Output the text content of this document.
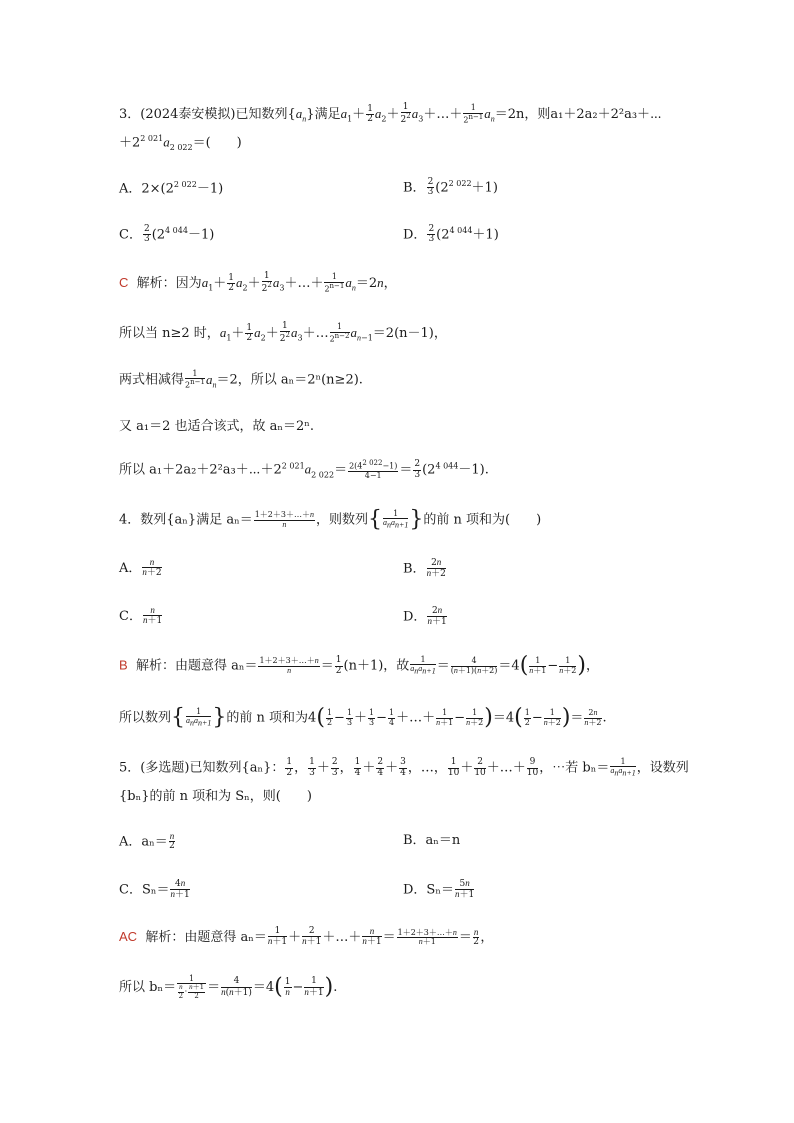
3．(2024泰安模拟)已知数列$\{a_n\}$满足$a_1+ \frac{1}{2} a_2+ \frac{1}{2^2}$ $a_3+\dots+ \frac{1}{2^{n-1}} a_n=2n$，则a₁＋2a₂＋2²a₃＋⋯
$+2^{2 021}a_{2 022}=$(　　)
A．$2\times(2^{2 022}-1)$	B． $\frac{2}{3} (2^{2 022}+1)$
C． $\frac{2}{3} (2^{4 044}-1)$	D． $\frac{2}{3} (2^{4 044}+1)$
C 解析：因为$a_1+ \frac{1}{2} a_2+ \frac{1}{2^2}$ $a_3+\dots+ \frac{1}{2^{n-1}} a_n=2n$，
所以当 n≥2 时，$a_1+ \frac{1}{2} a_2+ \frac{1}{2^2}$ $a_3+\dots \frac{1}{2^{n-2}} a_{n-1}=2(n-1)$，
两式相减得 $\frac{1}{2^{n-1}} a_n=2$，所以 aₙ＝2ⁿ(n≥2).
又 a₁＝2 也适合该式，故 aₙ＝2ⁿ.
所以 $a_1+2a_2+2^2a_3+\cdots+2^{2 021}a_{2 022}= \frac{2(4^{2 022}-1)}{4-1} = \frac{2}{3} (2^{4 044}-1)$.
4．数列{aₙ}满足 $a_n= \frac{1+2+3+\dots+n}{n}$ ，则数列{ $\frac{1}{a_na_{n+1}}$ }的前 n 项和为(　　)
A． $\frac{n}{n+2}$	B． $\frac{2n}{n+2}$
C． $\frac{n}{n+1}$	D． $\frac{2n}{n+1}$
B 解析：由题意得 $a_n= \frac{1+2+3+\dots+n}{n} = \frac{1}{2} (n+1)$，故 $\frac{1}{a_na_{n+1}} = \frac{4}{(n+1)(n+2)} =4( \frac{1}{n+1} - \frac{1}{n+2}$ )，
所以数列{ $\frac{1}{a_na_{n+1}}$ }的前 n 项和为$4( \frac{1}{2} - \frac{1}{3} + \frac{1}{3} - \frac{1}{4}$ ＋…＋ $\frac{1}{n+1} - \frac{1}{n+2} )=4( \frac{1}{2} - \frac{1}{n+2}$ )＝ $\frac{2n}{n+2}$ .
5．(多选题)已知数列{aₙ}： $\frac{1}{2}$ ， $\frac{1}{3} + \frac{2}{3}$ ， $\frac{1}{4} + \frac{2}{4} + \frac{3}{4}$ ，…， $\frac{1}{10} + \frac{2}{10}$ ＋…＋ $\frac{9}{10}$ ，⋯若 $b_n= \frac{1}{a_na_{n+1}}$ ，设数列
{bₙ}的前 n 项和为 Sₙ，则(　　)
A．$a_n= \frac{n}{2}$	B．aₙ＝n
C．$S_n= \frac{4n}{n+1}$	D．$S_n= \frac{5n}{n+1}$
AC 解析：由题意得 $a_n= \frac{1}{n+1} + \frac{2}{n+1}$ ＋…＋ $\frac{n}{n+1} = \frac{1+2+3+\dots+n}{n+1} = \frac{n}{2}$ ，
所以 $b_n= \frac{1}{\frac{n}{2} \cdot \frac{n+1}{2}} = \frac{4}{n(n+1)} =4( \frac{1}{n} - \frac{1}{n+1}$ ).
